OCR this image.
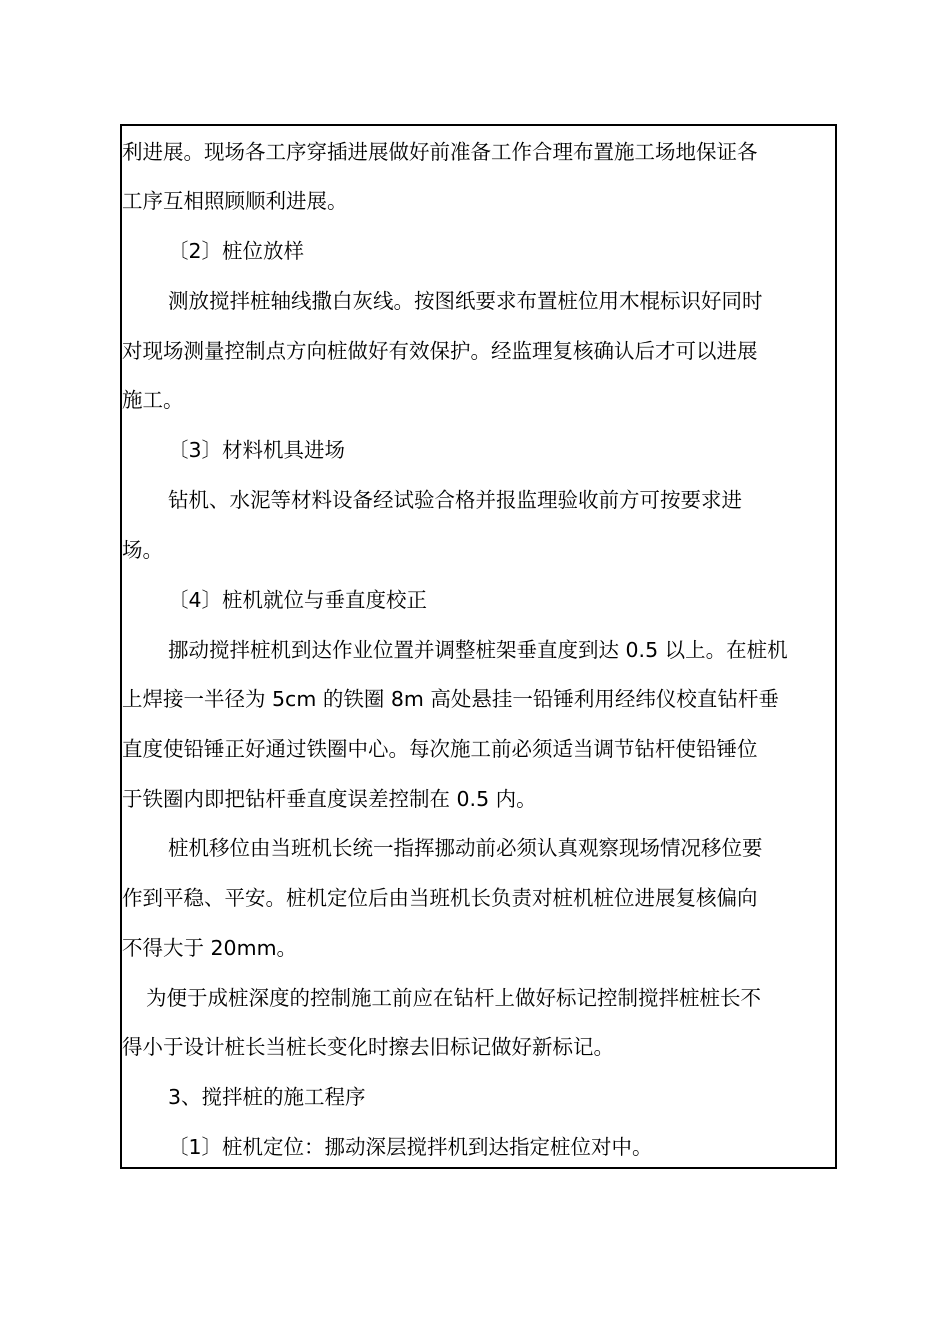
利进展。现场各工序穿插进展做好前准备工作合理布置施工场地保证各
工序互相照顾顺利进展。
〔2〕桩位放样
测放搅拌桩轴线撒白灰线。按图纸要求布置桩位用木棍标识好同时
对现场测量控制点方向桩做好有效保护。经监理复核确认后才可以进展
施工。
〔3〕材料机具进场
钻机、水泥等材料设备经试验合格并报监理验收前方可按要求进
场。
〔4〕桩机就位与垂直度校正
挪动搅拌桩机到达作业位置并调整桩架垂直度到达 0.5 以上。在桩机
上焊接一半径为 5cm 的铁圈 8m 高处悬挂一铅锤利用经纬仪校直钻杆垂
直度使铅锤正好通过铁圈中心。每次施工前必须适当调节钻杆使铅锤位
于铁圈内即把钻杆垂直度误差控制在 0.5 内。
桩机移位由当班机长统一指挥挪动前必须认真观察现场情况移位要
作到平稳、平安。桩机定位后由当班机长负责对桩机桩位进展复核偏向
不得大于 20mm。
为便于成桩深度的控制施工前应在钻杆上做好标记控制搅拌桩桩长不
得小于设计桩长当桩长变化时擦去旧标记做好新标记。
3、搅拌桩的施工程序
〔1〕桩机定位：挪动深层搅拌机到达指定桩位对中。
